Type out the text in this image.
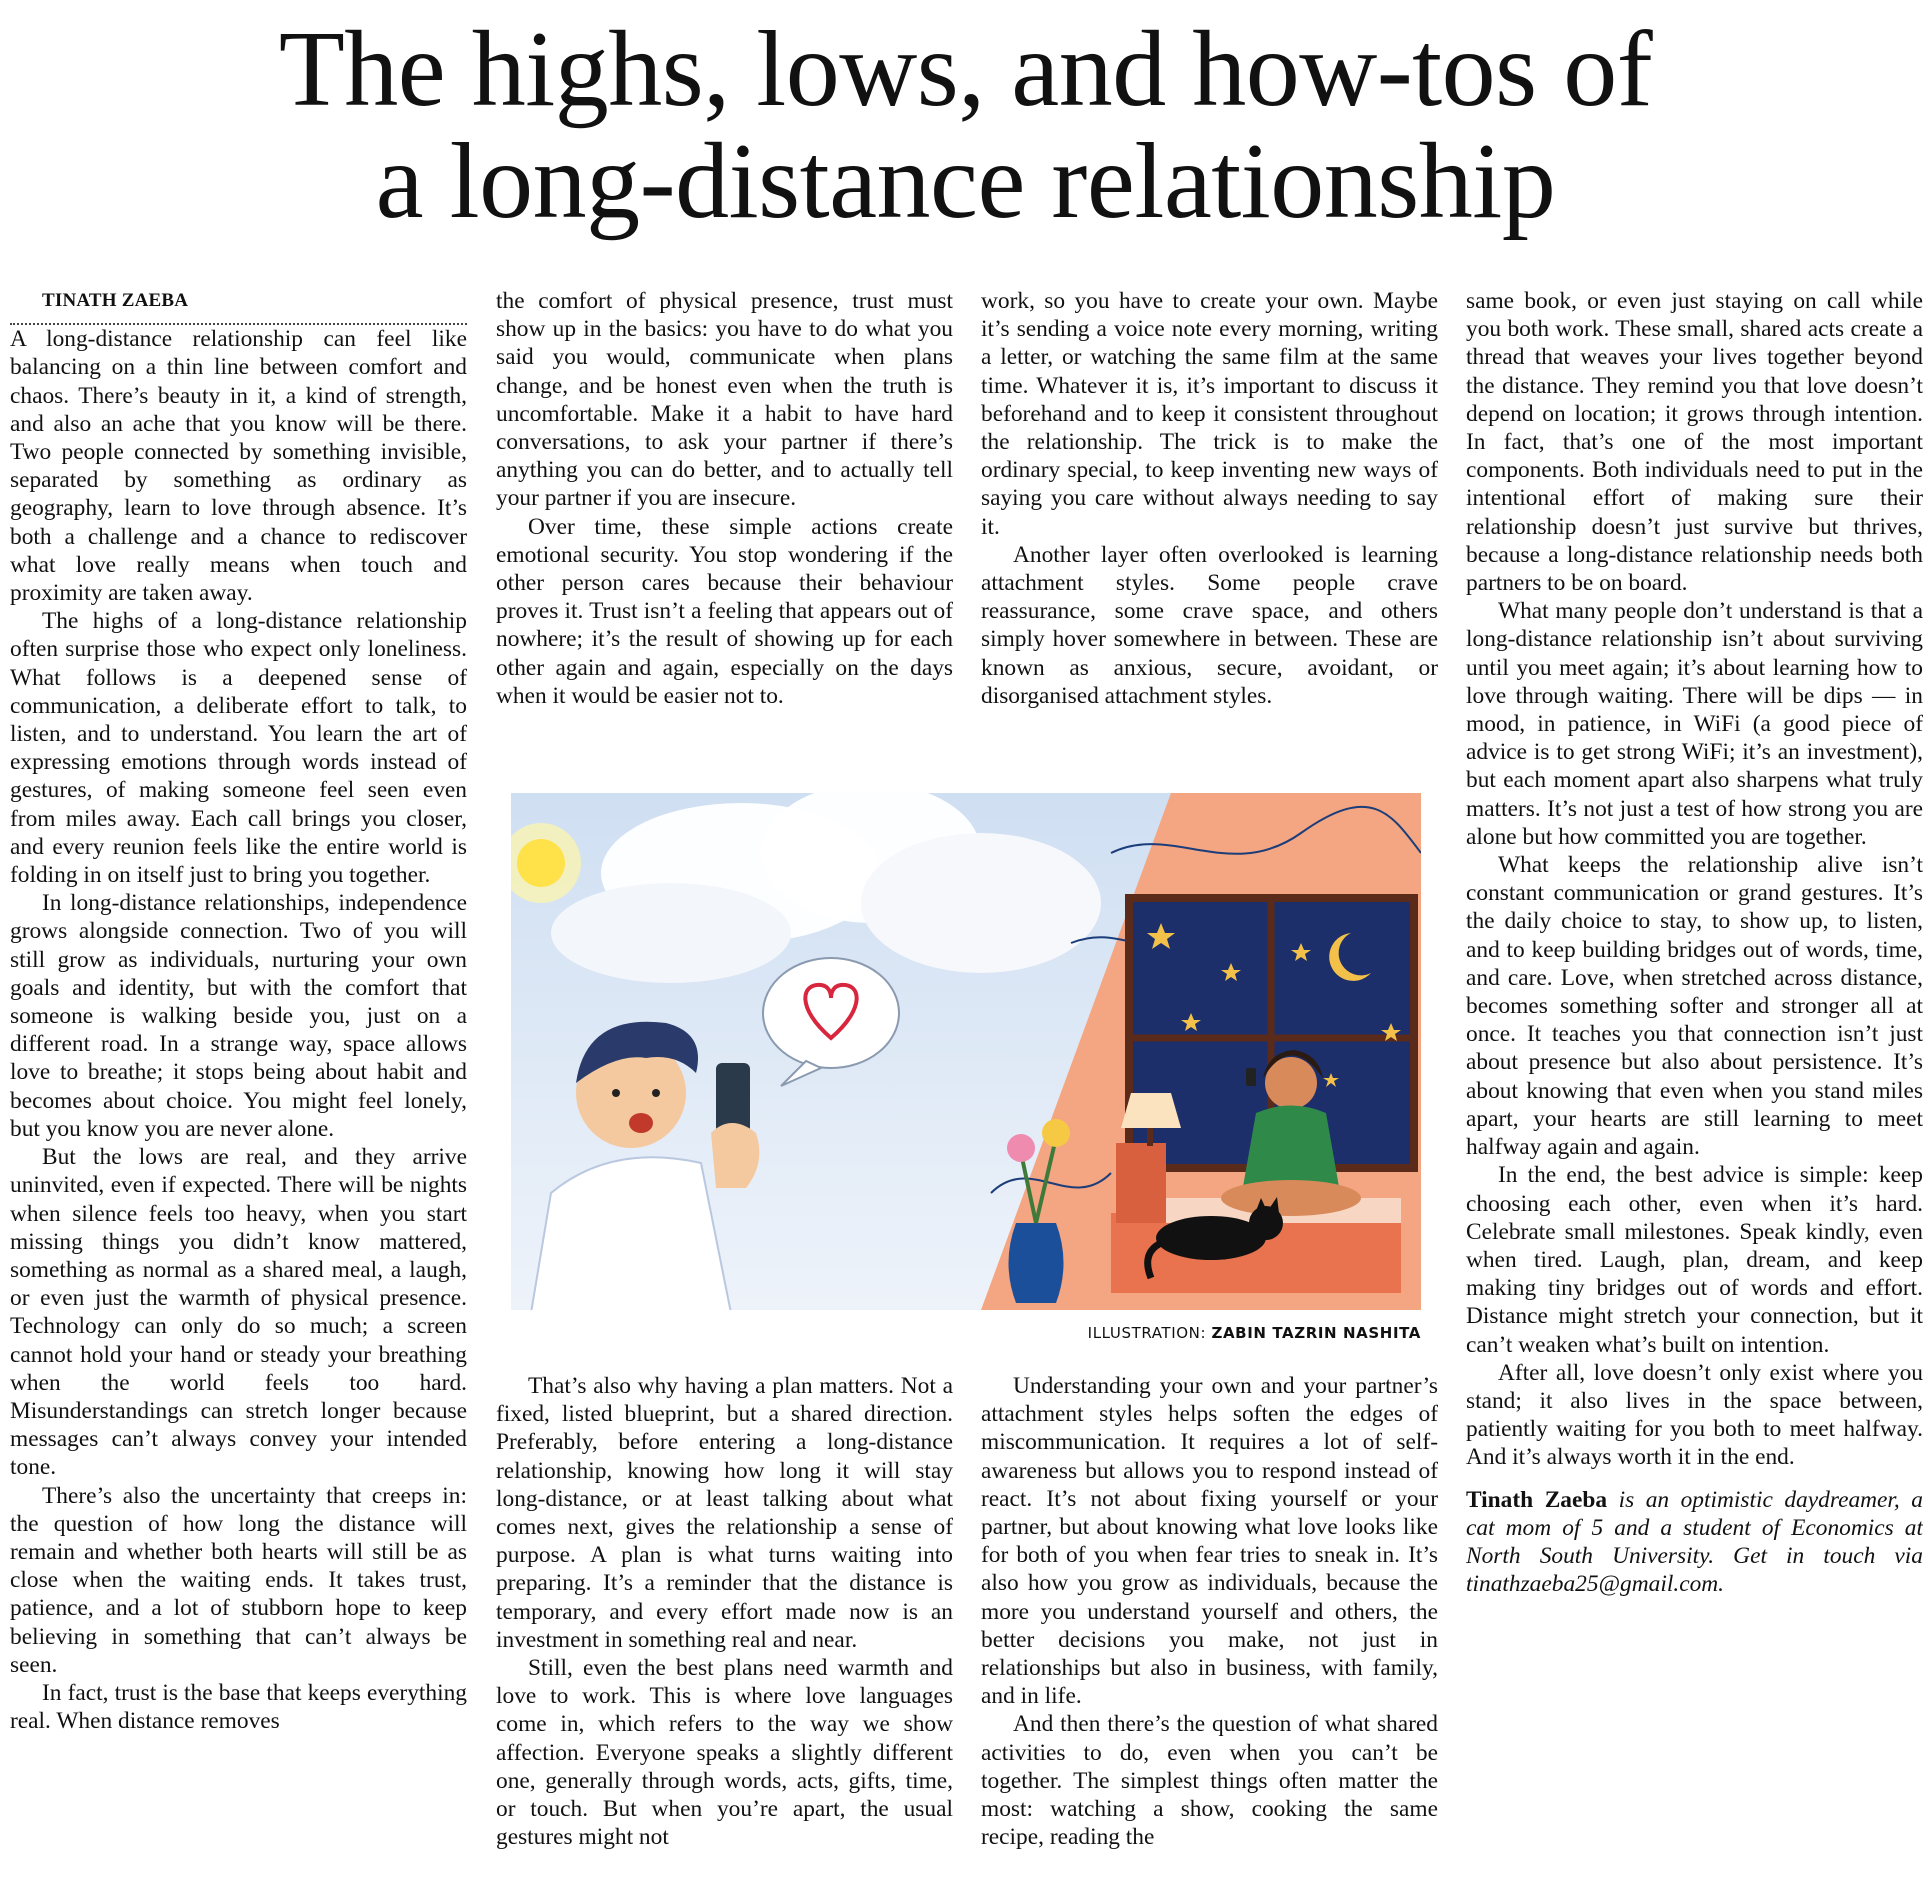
The highs, lows, and how-tos of
a long-distance relationship

TINATH ZAEBA

A long-distance relationship can feel like balancing on a thin line between comfort and chaos. There’s beauty in it, a kind of strength, and also an ache that you know will be there. Two people connected by something invisible, separated by something as ordinary as geography, learn to love through absence. It’s both a challenge and a chance to rediscover what love really means when touch and proximity are taken away.

The highs of a long-distance relationship often surprise those who expect only loneliness. What follows is a deepened sense of communication, a deliberate effort to talk, to listen, and to understand. You learn the art of expressing emotions through words instead of gestures, of making someone feel seen even from miles away. Each call brings you closer, and every reunion feels like the entire world is folding in on itself just to bring you together.

In long-distance relationships, independence grows alongside connection. Two of you will still grow as individuals, nurturing your own goals and identity, but with the comfort that someone is walking beside you, just on a different road. In a strange way, space allows love to breathe; it stops being about habit and becomes about choice. You might feel lonely, but you know you are never alone.

But the lows are real, and they arrive uninvited, even if expected. There will be nights when silence feels too heavy, when you start missing things you didn’t know mattered, something as normal as a shared meal, a laugh, or even just the warmth of physical presence. Technology can only do so much; a screen cannot hold your hand or steady your breathing when the world feels too hard. Misunderstandings can stretch longer because messages can’t always convey your intended tone.

There’s also the uncertainty that creeps in: the question of how long the distance will remain and whether both hearts will still be as close when the waiting ends. It takes trust, patience, and a lot of stubborn hope to keep believing in something that can’t always be seen.

In fact, trust is the base that keeps everything real. When distance removes

the comfort of physical presence, trust must show up in the basics: you have to do what you said you would, communicate when plans change, and be honest even when the truth is uncomfortable. Make it a habit to have hard conversations, to ask your partner if there’s anything you can do better, and to actually tell your partner if you are insecure.

Over time, these simple actions create emotional security. You stop wondering if the other person cares because their behaviour proves it. Trust isn’t a feeling that appears out of nowhere; it’s the result of showing up for each other again and again, especially on the days when it would be easier not to.

work, so you have to create your own. Maybe it’s sending a voice note every morning, writing a letter, or watching the same film at the same time. Whatever it is, it’s important to discuss it beforehand and to keep it consistent throughout the relationship. The trick is to make the ordinary special, to keep inventing new ways of saying you care without always needing to say it.

Another layer often overlooked is learning attachment styles. Some people crave reassurance, some crave space, and others simply hover somewhere in between. These are known as anxious, secure, avoidant, or disorganised attachment styles.

ILLUSTRATION: ZABIN TAZRIN NASHITA

That’s also why having a plan matters. Not a fixed, listed blueprint, but a shared direction. Preferably, before entering a long-distance relationship, knowing how long it will stay long-distance, or at least talking about what comes next, gives the relationship a sense of purpose. A plan is what turns waiting into preparing. It’s a reminder that the distance is temporary, and every effort made now is an investment in something real and near.

Still, even the best plans need warmth and love to work. This is where love languages come in, which refers to the way we show affection. Everyone speaks a slightly different one, generally through words, acts, gifts, time, or touch. But when you’re apart, the usual gestures might not

Understanding your own and your partner’s attachment styles helps soften the edges of miscommunication. It requires a lot of self-awareness but allows you to respond instead of react. It’s not about fixing yourself or your partner, but about knowing what love looks like for both of you when fear tries to sneak in. It’s also how you grow as individuals, because the more you understand yourself and others, the better decisions you make, not just in relationships but also in business, with family, and in life.

And then there’s the question of what shared activities to do, even when you can’t be together. The simplest things often matter the most: watching a show, cooking the same recipe, reading the

same book, or even just staying on call while you both work. These small, shared acts create a thread that weaves your lives together beyond the distance. They remind you that love doesn’t depend on location; it grows through intention. In fact, that’s one of the most important components. Both individuals need to put in the intentional effort of making sure their relationship doesn’t just survive but thrives, because a long-distance relationship needs both partners to be on board.

What many people don’t understand is that a long-distance relationship isn’t about surviving until you meet again; it’s about learning how to love through waiting. There will be dips — in mood, in patience, in WiFi (a good piece of advice is to get strong WiFi; it’s an investment), but each moment apart also sharpens what truly matters. It’s not just a test of how strong you are alone but how committed you are together.

What keeps the relationship alive isn’t constant communication or grand gestures. It’s the daily choice to stay, to show up, to listen, and to keep building bridges out of words, time, and care. Love, when stretched across distance, becomes something softer and stronger all at once. It teaches you that connection isn’t just about presence but also about persistence. It’s about knowing that even when you stand miles apart, your hearts are still learning to meet halfway again and again.

In the end, the best advice is simple: keep choosing each other, even when it’s hard. Celebrate small milestones. Speak kindly, even when tired. Laugh, plan, dream, and keep making tiny bridges out of words and effort. Distance might stretch your connection, but it can’t weaken what’s built on intention.

After all, love doesn’t only exist where you stand; it also lives in the space between, patiently waiting for you both to meet halfway. And it’s always worth it in the end.

Tinath Zaeba is an optimistic daydreamer, a cat mom of 5 and a student of Economics at North South University. Get in touch via tinathzaeba25@gmail.com.
